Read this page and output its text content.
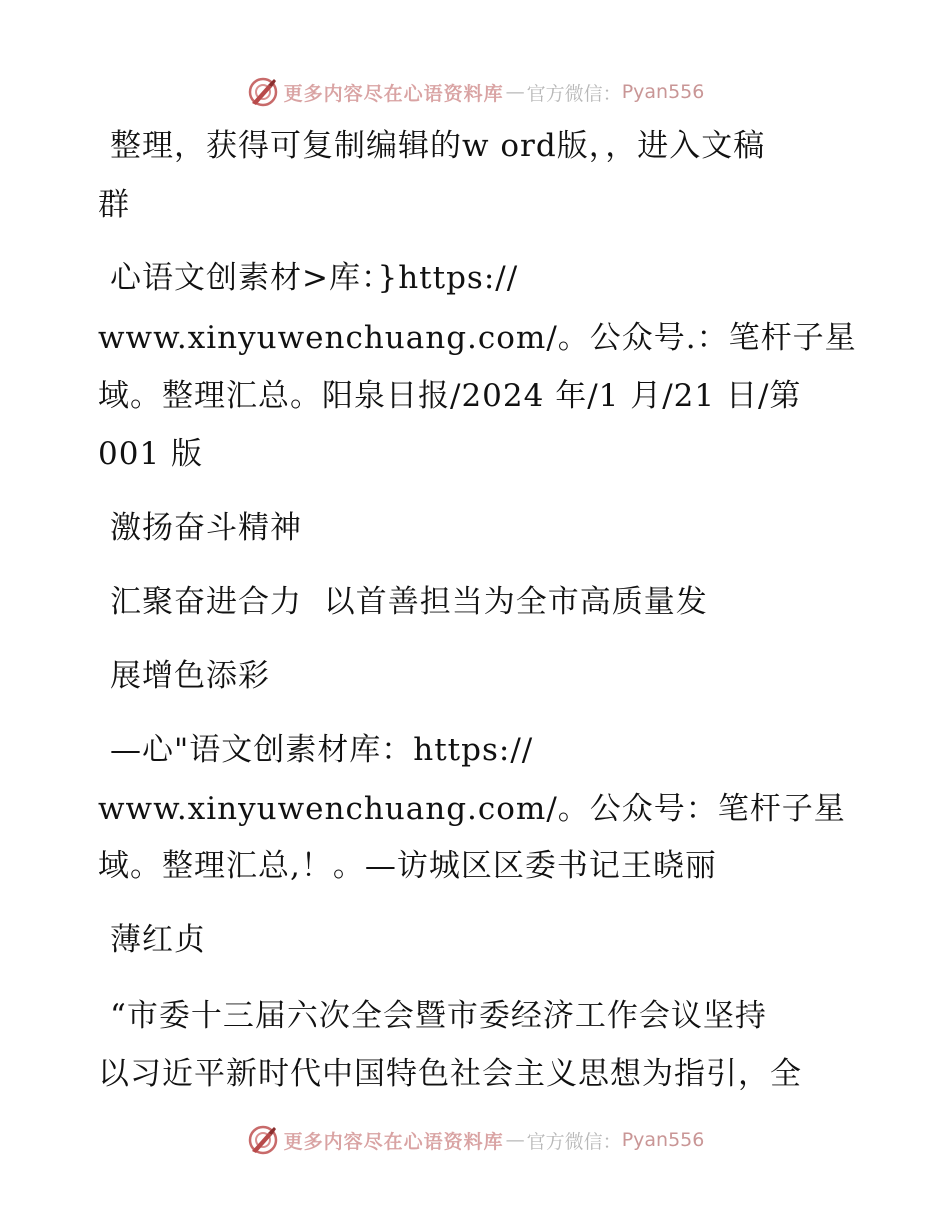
更多内容尽在心语资料库 — 官方微信： Pyan556
整理，获得可复制编辑的w ord版，，进入文稿
群
心语文创素材>库：}https://
www.xinyuwenchuang.com/。公众号.：笔杆子星
域。整理汇总。阳泉日报/2024 年/1 月/21 日/第
001 版
激扬奋斗精神
汇聚奋进合力  以首善担当为全市高质量发
展增色添彩
—心"语文创素材库：https://
www.xinyuwenchuang.com/。公众号：笔杆子星
域。整理汇总,！。—访城区区委书记王晓丽
薄红贞
“市委十三届六次全会暨市委经济工作会议坚持
以习近平新时代中国特色社会主义思想为指引，全
更多内容尽在心语资料库 — 官方微信： Pyan556
